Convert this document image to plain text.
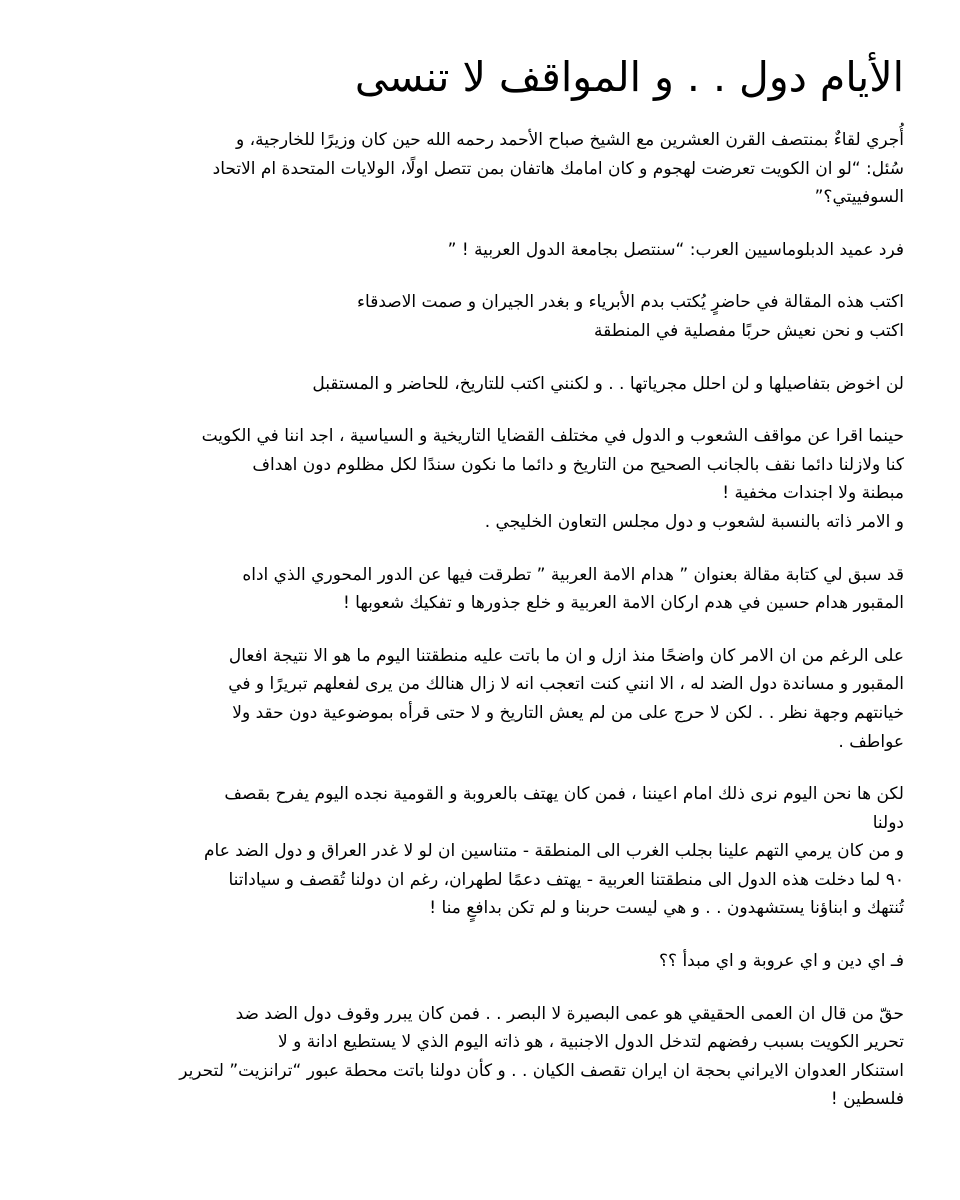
الأيام دول . . و المواقف لا تنسى
أُجري لقاءٌ بمنتصف القرن العشرين مع الشيخ صباح الأحمد رحمه الله حين كان وزيرًا للخارجية، و
سُئل: “لو ان الكويت تعرضت لهجوم و كان امامك هاتفان بمن تتصل اولًا، الولايات المتحدة ام الاتحاد
السوفييتي؟”
فرد عميد الدبلوماسيين العرب: “سنتصل بجامعة الدول العربية ! ”
اكتب هذه المقالة في حاضرٍ يُكتب بدم الأبرياء و بغدر الجيران و صمت الاصدقاء
اكتب و نحن نعيش حربًا مفصلية في المنطقة
لن اخوض بتفاصيلها و لن احلل مجرياتها . . و لكنني اكتب للتاريخ، للحاضر و المستقبل
حينما اقرا عن مواقف الشعوب و الدول في مختلف القضايا التاريخية و السياسية ، اجد اننا في الكويت
كنا ولازلنا دائما نقف بالجانب الصحيح من التاريخ و دائما ما نكون سندًا لكل مظلوم دون اهداف
مبطنة ولا اجندات مخفية !
و الامر ذاته بالنسبة لشعوب و دول مجلس التعاون الخليجي .
قد سبق لي كتابة مقالة بعنوان ” هدام الامة العربية ” تطرقت فيها عن الدور المحوري الذي اداه
المقبور هدام حسين في هدم اركان الامة العربية و خلع جذورها و تفكيك شعوبها !
على الرغم من ان الامر كان واضحًا منذ ازل و ان ما باتت عليه منطقتنا اليوم ما هو الا نتيجة افعال
المقبور و مساندة دول الضد له ، الا انني كنت اتعجب انه لا زال هنالك من يرى لفعلهم تبريرًا و في
خيانتهم وجهة نظر . . لكن لا حرج على من لم يعش التاريخ و لا حتى قرأه بموضوعية دون حقد ولا
عواطف .
لكن ها نحن اليوم نرى ذلك امام اعيننا ، فمن كان يهتف بالعروبة و القومية نجده اليوم يفرح بقصف
دولنا
و من كان يرمي التهم علينا بجلب الغرب الى المنطقة - متناسين ان لو لا غدر العراق و دول الضد عام
٩٠ لما دخلت هذه الدول الى منطقتنا العربية - يهتف دعمًا لطهران، رغم ان دولنا تُقصف و سياداتنا
تُنتهك و ابناؤنا يستشهدون . . و هي ليست حربنا و لم تكن بدافعٍ منا !
فـ اي دين و اي عروبة و اي مبدأ ؟؟
حقّ من قال ان العمى الحقيقي هو عمى البصيرة لا البصر . . فمن كان يبرر وقوف دول الضد ضد
تحرير الكويت بسبب رفضهم لتدخل الدول الاجنبية ، هو ذاته اليوم الذي لا يستطيع ادانة و لا
استنكار العدوان الايراني بحجة ان ايران تقصف الكيان . . و كأن دولنا باتت محطة عبور “ترانزيت” لتحرير
فلسطين !
